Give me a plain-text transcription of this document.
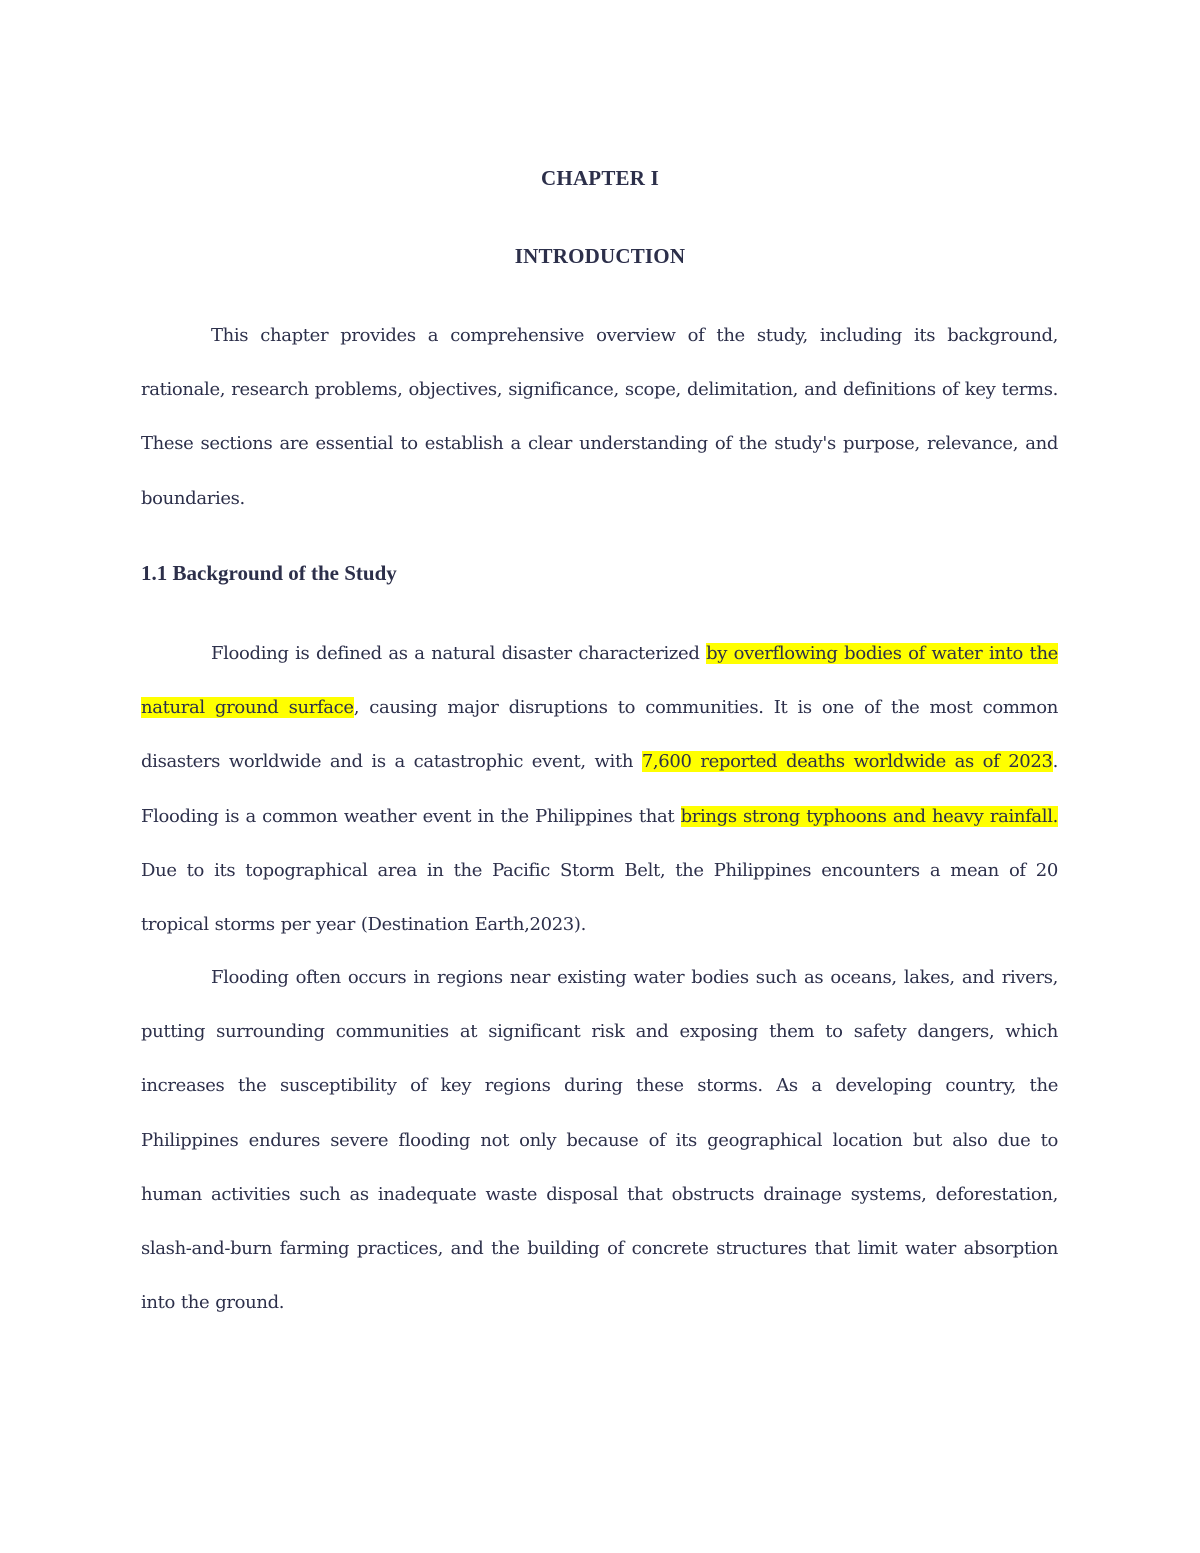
CHAPTER I
INTRODUCTION

This chapter provides a comprehensive overview of the study, including its background, rationale, research problems, objectives, significance, scope, delimitation, and definitions of key terms. These sections are essential to establish a clear understanding of the study's purpose, relevance, and boundaries.

1.1 Background of the Study

Flooding is defined as a natural disaster characterized by overflowing bodies of water into the natural ground surface, causing major disruptions to communities. It is one of the most common disasters worldwide and is a catastrophic event, with 7,600 reported deaths worldwide as of 2023. Flooding is a common weather event in the Philippines that brings strong typhoons and heavy rainfall. Due to its topographical area in the Pacific Storm Belt, the Philippines encounters a mean of 20 tropical storms per year (Destination Earth,2023).

Flooding often occurs in regions near existing water bodies such as oceans, lakes, and rivers, putting surrounding communities at significant risk and exposing them to safety dangers, which increases the susceptibility of key regions during these storms. As a developing country, the Philippines endures severe flooding not only because of its geographical location but also due to human activities such as inadequate waste disposal that obstructs drainage systems, deforestation, slash-and-burn farming practices, and the building of concrete structures that limit water absorption into the ground.
